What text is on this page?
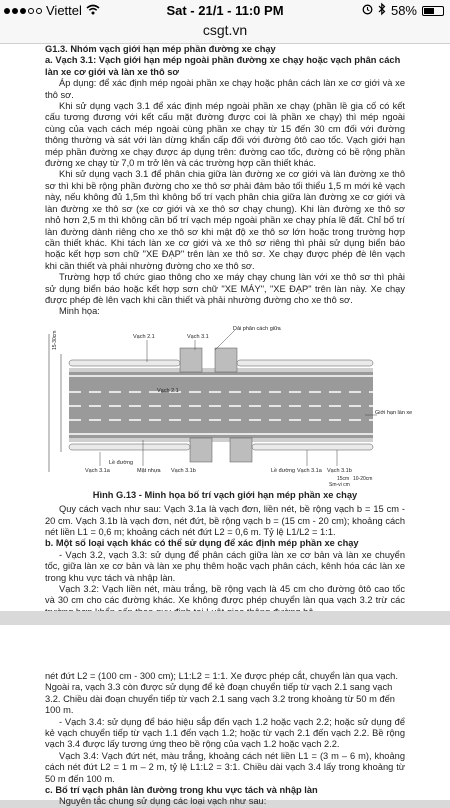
Viettel	Sat - 21/1 - 11:0 PM	58%
csgt.vn
G1.3. Nhóm vạch giới hạn mép phần đường xe chạy
a. Vạch 3.1: Vạch giới hạn mép ngoài phần đường xe chạy hoặc vạch phân cách làn xe cơ giới và làn xe thô sơ
Áp dụng: để xác định mép ngoài phần xe chạy hoặc phân cách làn xe cơ giới và xe thô sơ.
Khi sử dụng vạch 3.1 để xác định mép ngoài phần xe chạy (phần lề gia cố có kết cấu tương đương với kết cấu mặt đường được coi là phần xe chạy) thì mép ngoài cùng của vạch cách mép ngoài cùng phần xe chạy từ 15 đến 30 cm đối với đường thông thường và sát với làn dừng khẩn cấp đối với đường ôtô cao tốc. Vạch giới hạn mép phần đường xe chạy được áp dụng trên: đường cao tốc, đường có bề rộng phần đường xe chạy từ 7,0 m trở lên và các trường hợp cần thiết khác.
Khi sử dụng vạch 3.1 để phân chia giữa làn đường xe cơ giới và làn đường xe thô sơ thì khi bề rộng phần đường cho xe thô sơ phải đảm bảo tối thiểu 1,5 m mới kẻ vạch này, nếu không đủ 1,5m thì không bố trí vạch phân chia giữa làn đường xe cơ giới và làn đường xe thô sơ (xe cơ giới và xe thô sơ chạy chung). Khi làn đường xe thô sơ nhỏ hơn 2,5 m thì không cần bố trí vạch mép ngoài phần xe chạy phía lề đất. Chỉ bố trí làn đường dành riêng cho xe thô sơ khi mật độ xe thô sơ lớn hoặc trong trường hợp cần thiết khác. Khi tách làn xe cơ giới và xe thô sơ riêng thì phải sử dụng biển báo hoặc kết hợp sơn chữ "XE ĐẠP" trên làn xe thô sơ. Xe chạy được phép đè lên vạch khi cần thiết và phải nhường đường cho xe thô sơ.
Trường hợp tổ chức giao thông cho xe máy chạy chung làn với xe thô sơ thì phải sử dụng biển báo hoặc kết hợp sơn chữ "XE MÁY", "XE ĐẠP" trên làn này. Xe chạy được phép đè lên vạch khi cần thiết và phải nhường đường cho xe thô sơ.
Minh họa:
Vạch 2.1	Vạch 3.1
Dải phân cách giữa
Giới hạn làn xe
Vạch 2.1
Vạch 3.1a
Lề đường
Mặt nhựa Vạch 3.1b	Lề đường Vạch 3.1a Vạch 3.1b
15cm 10-20cm
Sm-vi cm
15-30cm
Hình G.13 - Minh họa bố trí vạch giới hạn mép phần xe chạy
Quy cách vạch như sau: Vạch 3.1a là vạch đơn, liền nét, bề rộng vạch b = 15 cm - 20 cm. Vạch 3.1b là vạch đơn, nét đứt, bề rộng vạch b = (15 cm - 20 cm); khoảng cách nét liền L1 = 0,6 m; khoảng cách nét đứt L2 = 0,6 m. Tỷ lệ L1/L2 = 1:1.
b. Một số loại vạch khác có thể sử dụng để xác định mép phần xe chạy
- Vạch 3.2, vạch 3.3: sử dụng để phân cách giữa làn xe cơ bản và làn xe chuyển tốc, giữa làn xe cơ bản và làn xe phụ thêm hoặc vạch phân cách, kênh hóa các làn xe trong khu vực tách và nhập làn.
Vạch 3.2: Vạch liền nét, màu trắng, bề rộng vạch là 45 cm cho đường ôtô cao tốc và 30 cm cho các đường khác. Xe không được phép chuyển làn qua vạch 3.2 trừ các
nét đứt L2 = (100 cm - 300 cm); L1:L2 = 1:1. Xe được phép cắt, chuyển làn qua vạch. Ngoài ra, vạch 3.3 còn được sử dụng để kẻ đoạn chuyển tiếp từ vạch 2.1 sang vạch 3.2. Chiều dài đoạn chuyển tiếp từ vạch 2.1 sang vạch 3.2 trong khoảng từ 50 m đến 100 m.
- Vạch 3.4: sử dụng để báo hiệu sắp đến vạch 1.2 hoặc vạch 2.2; hoặc sử dụng để kẻ vạch chuyển tiếp từ vạch 1.1 đến vạch 1.2; hoặc từ vạch 2.1 đến vạch 2.2. Bề rộng vạch 3.4 được lấy tương ứng theo bề rộng của vạch 1.2 hoặc vạch 2.2.
Vạch 3.4: Vạch đứt nét, màu trắng, khoảng cách nét liền L1 = (3 m – 6 m), khoảng cách nét đứt L2 = 1 m – 2 m, tỷ lệ L1:L2 = 3:1. Chiều dài vạch 3.4 lấy trong khoảng từ 50 m đến 100 m.
c. Bố trí vạch phân làn đường trong khu vực tách và nhập làn
Nguyên tắc chung sử dụng các loại vạch như sau:
